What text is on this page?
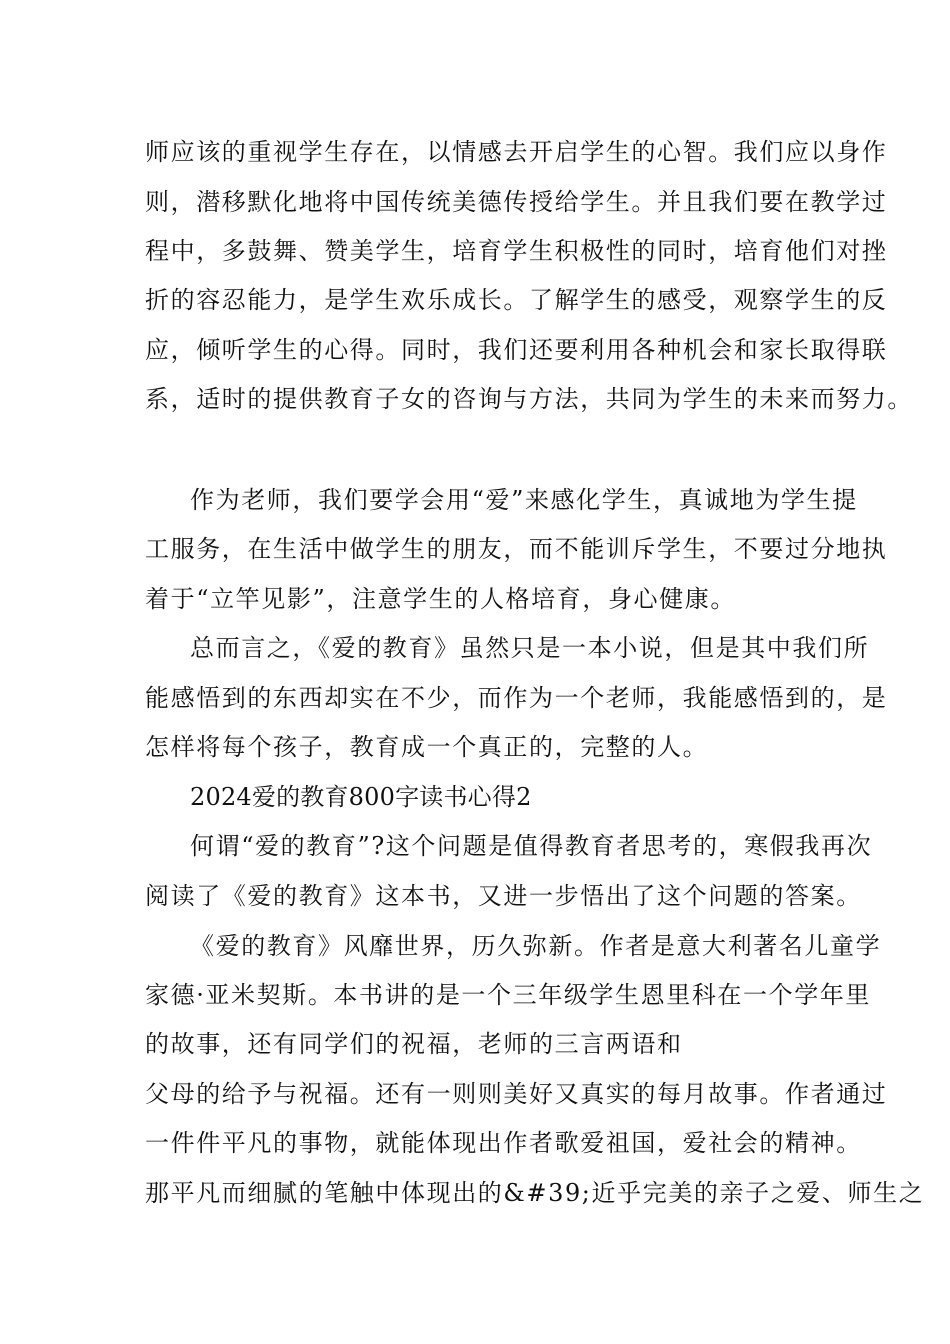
师应该的重视学生存在，以情感去开启学生的心智。我们应以身作
则，潜移默化地将中国传统美德传授给学生。并且我们要在教学过
程中，多鼓舞、赞美学生，培育学生积极性的同时，培育他们对挫
折的容忍能力，是学生欢乐成长。了解学生的感受，观察学生的反
应，倾听学生的心得。同时，我们还要利用各种机会和家长取得联
系，适时的提供教育子女的咨询与方法，共同为学生的未来而努力。
作为老师，我们要学会用“爱”来感化学生，真诚地为学生提
工服务，在生活中做学生的朋友，而不能训斥学生，不要过分地执
着于“立竿见影”，注意学生的人格培育，身心健康。
总而言之，《爱的教育》虽然只是一本小说，但是其中我们所
能感悟到的东西却实在不少，而作为一个老师，我能感悟到的，是
怎样将每个孩子，教育成一个真正的，完整的人。
2024爱的教育800字读书心得2
何谓“爱的教育”?这个问题是值得教育者思考的，寒假我再次
阅读了《爱的教育》这本书，又进一步悟出了这个问题的答案。
《爱的教育》风靡世界，历久弥新。作者是意大利著名儿童学
家德·亚米契斯。本书讲的是一个三年级学生恩里科在一个学年里
的故事，还有同学们的祝福，老师的三言两语和
父母的给予与祝福。还有一则则美好又真实的每月故事。作者通过
一件件平凡的事物，就能体现出作者歌爱祖国，爱社会的精神。
那平凡而细腻的笔触中体现出的&#39;近乎完美的亲子之爱、师生之
